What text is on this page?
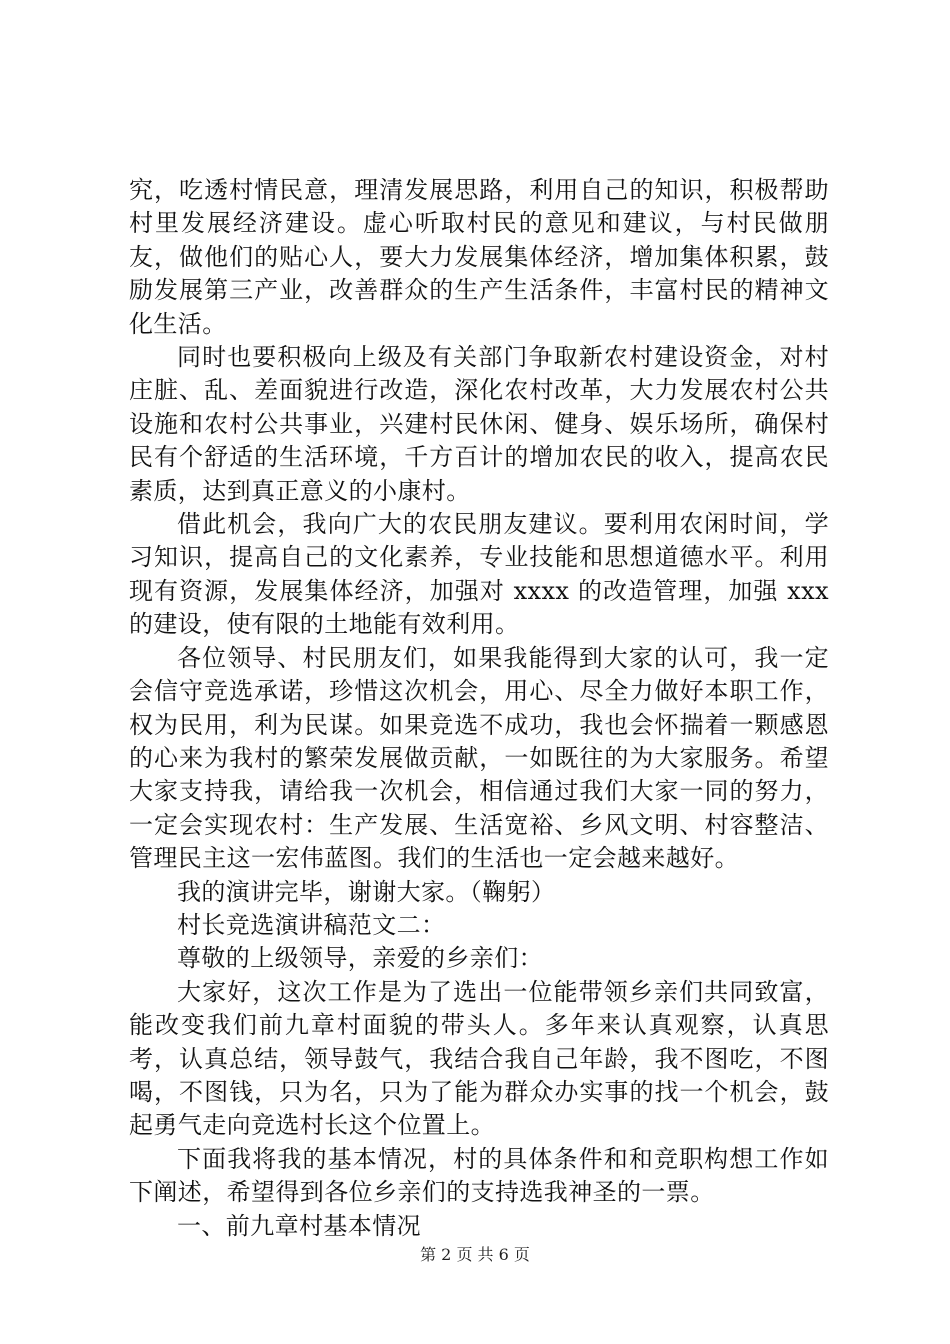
究，吃透村情民意，理清发展思路，利用自己的知识，积极帮助村里发展经济建设。虚心听取村民的意见和建议，与村民做朋友，做他们的贴心人，要大力发展集体经济，增加集体积累，鼓励发展第三产业，改善群众的生产生活条件，丰富村民的精神文化生活。

同时也要积极向上级及有关部门争取新农村建设资金，对村庄脏、乱、差面貌进行改造，深化农村改革，大力发展农村公共设施和农村公共事业，兴建村民休闲、健身、娱乐场所，确保村民有个舒适的生活环境，千方百计的增加农民的收入，提高农民素质，达到真正意义的小康村。

借此机会，我向广大的农民朋友建议。要利用农闲时间，学习知识，提高自己的文化素养，专业技能和思想道德水平。利用现有资源，发展集体经济，加强对 xxxx 的改造管理，加强 xxx 的建设，使有限的土地能有效利用。

各位领导、村民朋友们，如果我能得到大家的认可，我一定会信守竞选承诺，珍惜这次机会，用心、尽全力做好本职工作，权为民用，利为民谋。如果竞选不成功，我也会怀揣着一颗感恩的心来为我村的繁荣发展做贡献，一如既往的为大家服务。希望大家支持我，请给我一次机会，相信通过我们大家一同的努力，一定会实现农村：生产发展、生活宽裕、乡风文明、村容整洁、管理民主这一宏伟蓝图。我们的生活也一定会越来越好。

我的演讲完毕，谢谢大家。（鞠躬）

村长竞选演讲稿范文二：

尊敬的上级领导，亲爱的乡亲们：

大家好，这次工作是为了选出一位能带领乡亲们共同致富，能改变我们前九章村面貌的带头人。多年来认真观察，认真思考，认真总结，领导鼓气，我结合我自己年龄，我不图吃，不图喝，不图钱，只为名，只为了能为群众办实事的找一个机会，鼓起勇气走向竞选村长这个位置上。

下面我将我的基本情况，村的具体条件和和竞职构想工作如下阐述，希望得到各位乡亲们的支持选我神圣的一票。

一、前九章村基本情况

第 2 页 共 6 页
